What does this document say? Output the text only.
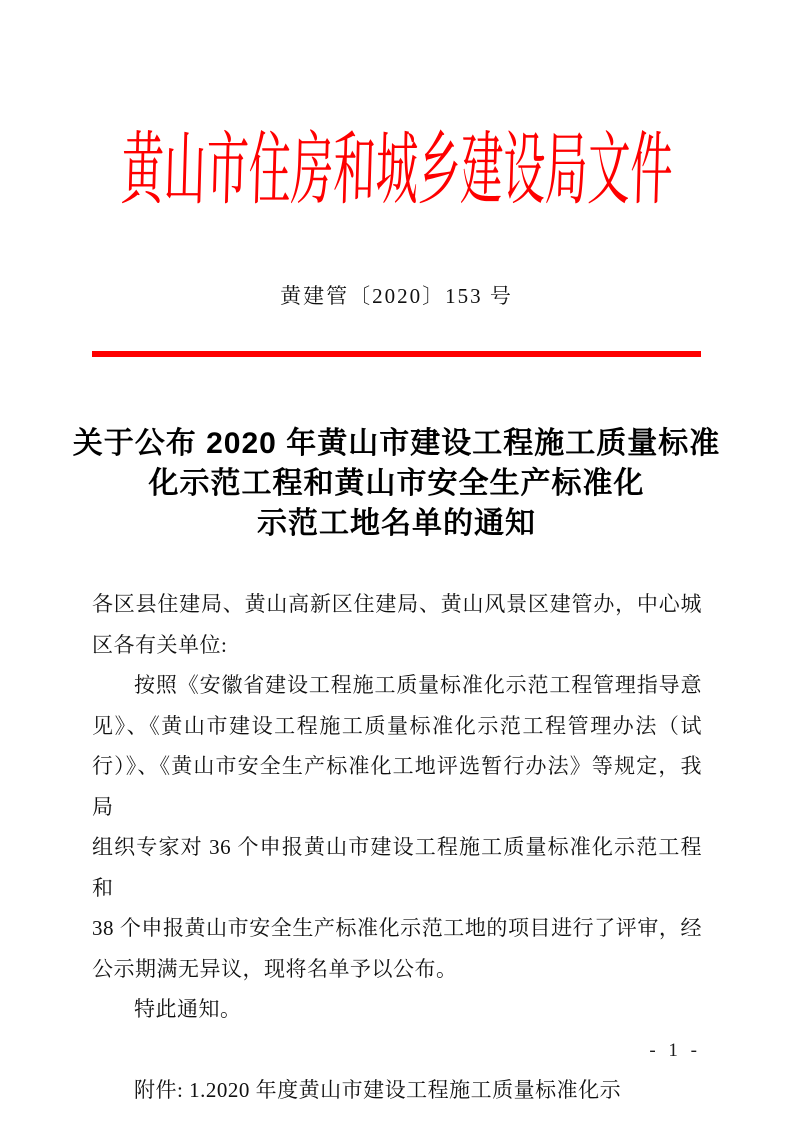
黄山市住房和城乡建设局文件
黄建管〔2020〕153 号
关于公布 2020 年黄山市建设工程施工质量标准
化示范工程和黄山市安全生产标准化
示范工地名单的通知
各区县住建局、黄山高新区住建局、黄山风景区建管办，中心城
区各有关单位:
按照《安徽省建设工程施工质量标准化示范工程管理指导意
见》、《黄山市建设工程施工质量标准化示范工程管理办法（试
行）》、《黄山市安全生产标准化工地评选暂行办法》等规定，我局
组织专家对 36 个申报黄山市建设工程施工质量标准化示范工程和
38 个申报黄山市安全生产标准化示范工地的项目进行了评审，经
公示期满无异议，现将名单予以公布。
特此通知。
附件: 1.2020 年度黄山市建设工程施工质量标准化示
- 1 -
